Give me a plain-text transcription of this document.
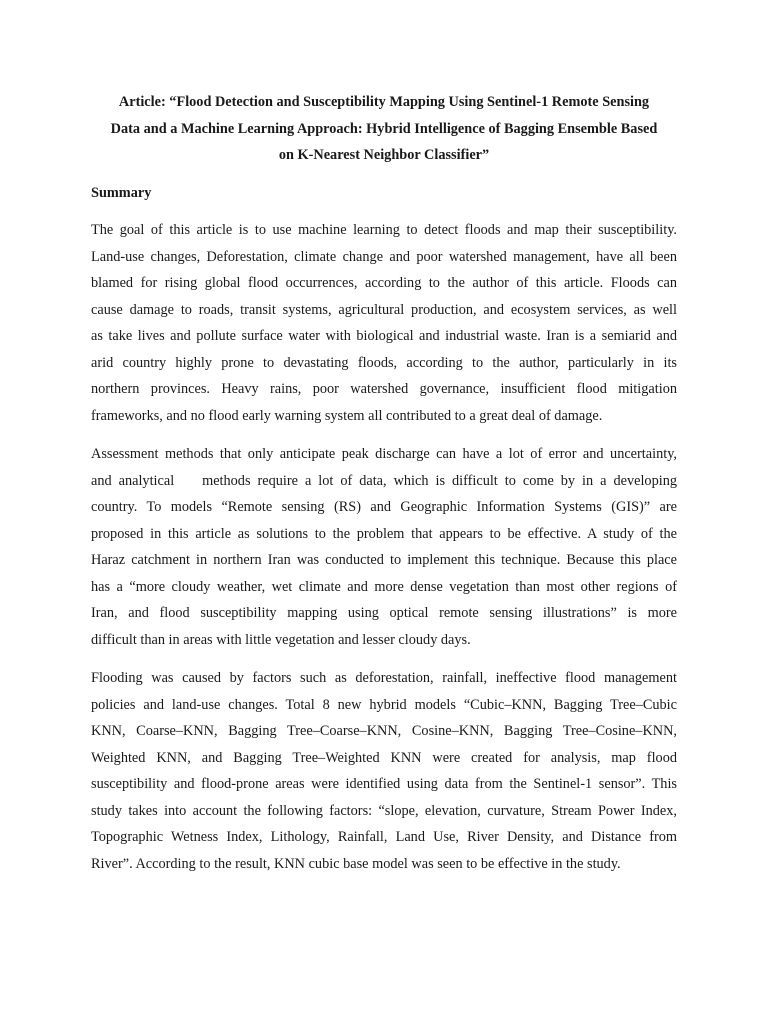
Article: “Flood Detection and Susceptibility Mapping Using Sentinel-1 Remote Sensing
Data and a Machine Learning Approach: Hybrid Intelligence of Bagging Ensemble Based
on K-Nearest Neighbor Classifier”
Summary

The goal of this article is to use machine learning to detect floods and map their susceptibility.
Land-use changes, Deforestation, climate change and poor watershed management, have all been
blamed for rising global flood occurrences, according to the author of this article. Floods can
cause damage to roads, transit systems, agricultural production, and ecosystem services, as well
as take lives and pollute surface water with biological and industrial waste. Iran is a semiarid and
arid country highly prone to devastating floods, according to the author, particularly in its
northern provinces. Heavy rains, poor watershed governance, insufficient flood mitigation
frameworks, and no flood early warning system all contributed to a great deal of damage.

Assessment methods that only anticipate peak discharge can have a lot of error and uncertainty,
and analytical    methods require a lot of data, which is difficult to come by in a developing
country. To models “Remote sensing (RS) and Geographic Information Systems (GIS)” are
proposed in this article as solutions to the problem that appears to be effective. A study of the
Haraz catchment in northern Iran was conducted to implement this technique. Because this place
has a “more cloudy weather, wet climate and more dense vegetation than most other regions of
Iran, and flood susceptibility mapping using optical remote sensing illustrations” is more
difficult than in areas with little vegetation and lesser cloudy days.

Flooding was caused by factors such as deforestation, rainfall, ineffective flood management
policies and land-use changes. Total 8 new hybrid models “Cubic–KNN, Bagging Tree–Cubic
KNN, Coarse–KNN, Bagging Tree–Coarse–KNN, Cosine–KNN, Bagging Tree–Cosine–KNN,
Weighted KNN, and Bagging Tree–Weighted KNN were created for analysis, map flood
susceptibility and flood-prone areas were identified using data from the Sentinel-1 sensor”. This
study takes into account the following factors: “slope, elevation, curvature, Stream Power Index,
Topographic Wetness Index, Lithology, Rainfall, Land Use, River Density, and Distance from
River”. According to the result, KNN cubic base model was seen to be effective in the study.
